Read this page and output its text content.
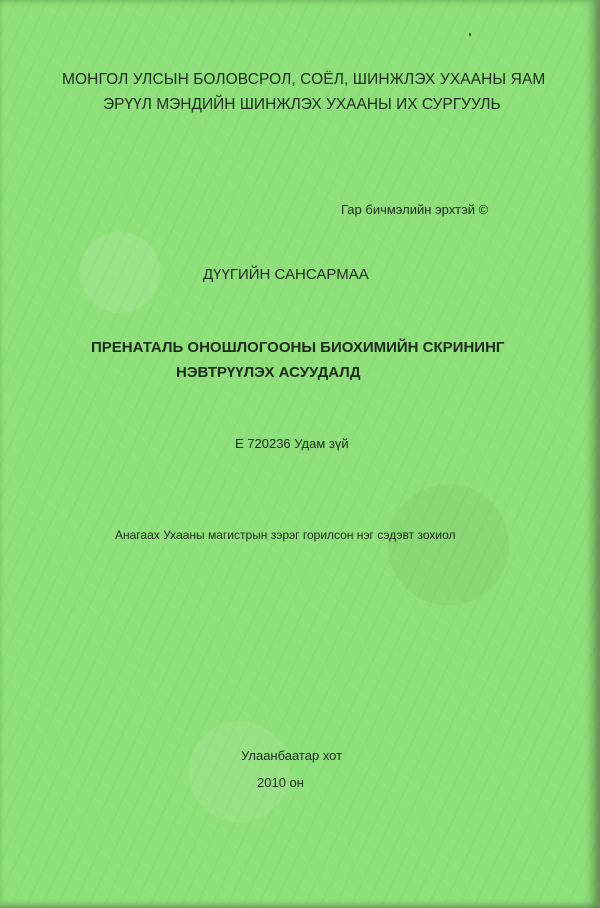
МОНГОЛ УЛСЫН БОЛОВСРОЛ, СОЁЛ, ШИНЖЛЭХ УХААНЫ ЯАМ
ЭРҮҮЛ МЭНДИЙН ШИНЖЛЭХ УХААНЫ ИХ СУРГУУЛЬ
Гар бичмэлийн эрхтэй ©
ДҮҮГИЙН САНСАРМАА
ПРЕНАТАЛЬ ОНОШЛОГООНЫ БИОХИМИЙН СКРИНИНГ
НЭВТРҮҮЛЭХ АСУУДАЛД
Е 720236 Удам зүй
Анагаах Ухааны магистрын зэрэг горилсон нэг сэдэвт зохиол
Улаанбаатар хот
2010 он
